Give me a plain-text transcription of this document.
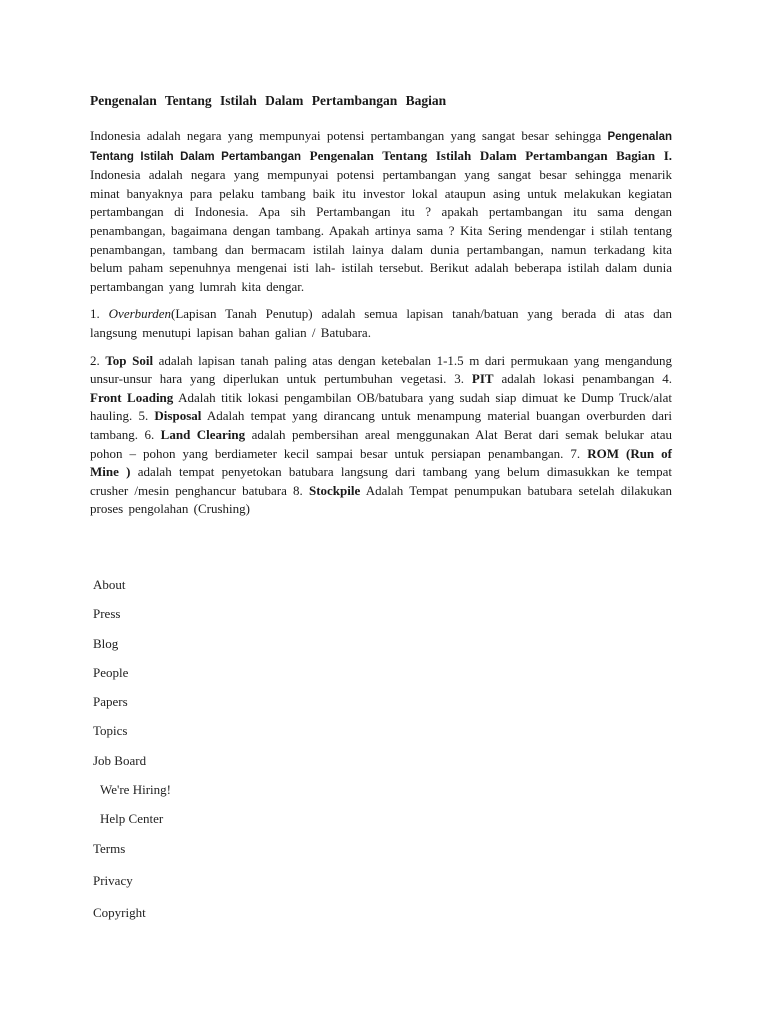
Pengenalan Tentang Istilah Dalam Pertambangan Bagian

Indonesia adalah negara yang mempunyai potensi pertambangan yang sangat besar sehingga Pengenalan Tentang Istilah Dalam Pertambangan Pengenalan Tentang Istilah Dalam Pertambangan Bagian I. Indonesia adalah negara yang mempunyai potensi pertambangan yang sangat besar sehingga menarik minat banyaknya para pelaku tambang baik itu investor lokal ataupun asing untuk melakukan kegiatan pertambangan di Indonesia. Apa sih Pertambangan itu ? apakah pertambangan itu sama dengan penambangan, bagaimana dengan tambang. Apakah artinya sama ? Kita Sering mendengar i stilah tentang penambangan, tambang dan bermacam istilah lainya dalam dunia pertambangan, namun terkadang kita belum paham sepenuhnya mengenai isti lah- istilah tersebut. Berikut adalah beberapa istilah dalam dunia pertambangan yang lumrah kita dengar.

1. Overburden(Lapisan Tanah Penutup) adalah semua lapisan tanah/batuan yang berada di atas dan langsung menutupi lapisan bahan galian / Batubara.

2. Top Soil adalah lapisan tanah paling atas dengan ketebalan 1-1.5 m dari permukaan yang mengandung unsur-unsur hara yang diperlukan untuk pertumbuhan vegetasi. 3. PIT adalah lokasi penambangan 4. Front Loading Adalah titik lokasi pengambilan OB/batubara yang sudah siap dimuat ke Dump Truck/alat hauling. 5. Disposal Adalah tempat yang dirancang untuk menampung material buangan overburden dari tambang. 6. Land Clearing adalah pembersihan areal menggunakan Alat Berat dari semak belukar atau pohon – pohon yang berdiameter kecil sampai besar untuk persiapan penambangan. 7. ROM (Run of Mine ) adalah tempat penyetokan batubara langsung dari tambang yang belum dimasukkan ke tempat crusher /mesin penghancur batubara 8. Stockpile Adalah Tempat penumpukan batubara setelah dilakukan proses pengolahan (Crushing)

About
Press
Blog
People
Papers
Topics
Job Board
We're Hiring!
Help Center
Terms
Privacy
Copyright
